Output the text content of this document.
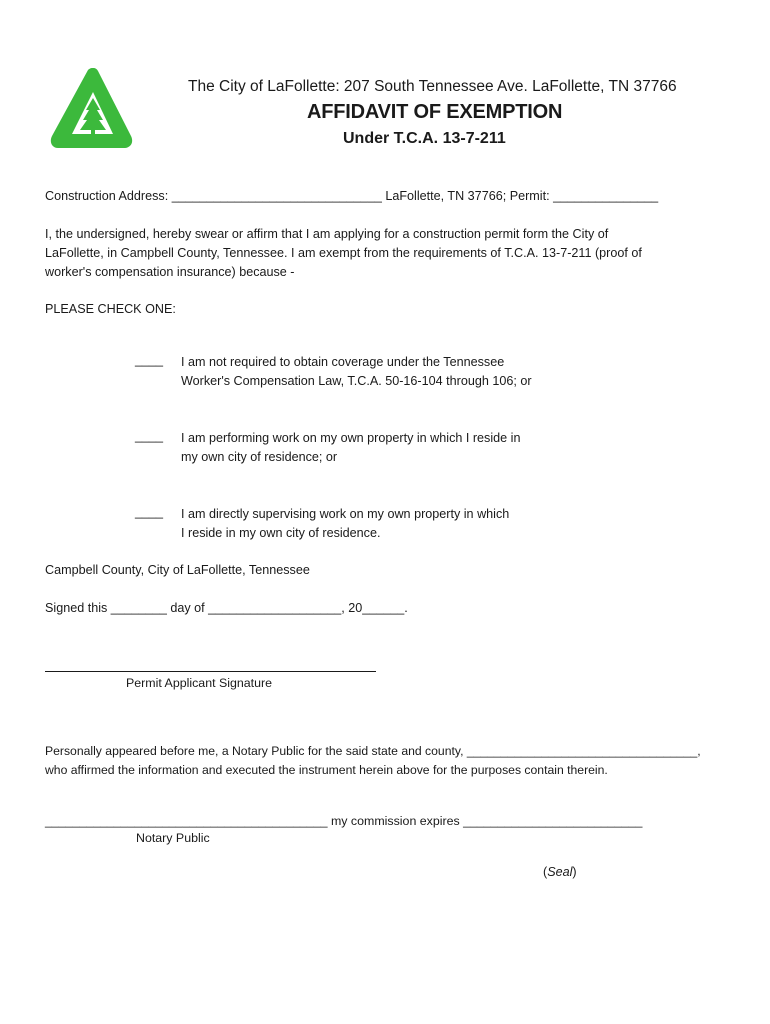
The City of LaFollette: 207 South Tennessee Ave. LaFollette, TN 37766
AFFIDAVIT OF EXEMPTION
Under T.C.A. 13-7-211
Construction Address: ______________________________ LaFollette, TN 37766; Permit: _______________
I, the undersigned, hereby swear or affirm that I am applying for a construction permit form the City of
LaFollette, in Campbell County, Tennessee. I am exempt from the requirements of T.C.A. 13-7-211 (proof of
worker's compensation insurance) because -
PLEASE CHECK ONE:
____ I am not required to obtain coverage under the Tennessee
Worker's Compensation Law, T.C.A. 50-16-104 through 106; or
____ I am performing work on my own property in which I reside in
my own city of residence; or
____ I am directly supervising work on my own property in which
I reside in my own city of residence.
Campbell County, City of LaFollette, Tennessee
Signed this ________ day of ___________________, 20______.
Permit Applicant Signature
Personally appeared before me, a Notary Public for the said state and county, __________________________________,
who affirmed the information and executed the instrument herein above for the purposes contain therein.
_________________________________________ my commission expires __________________________
Notary Public
(Seal)
